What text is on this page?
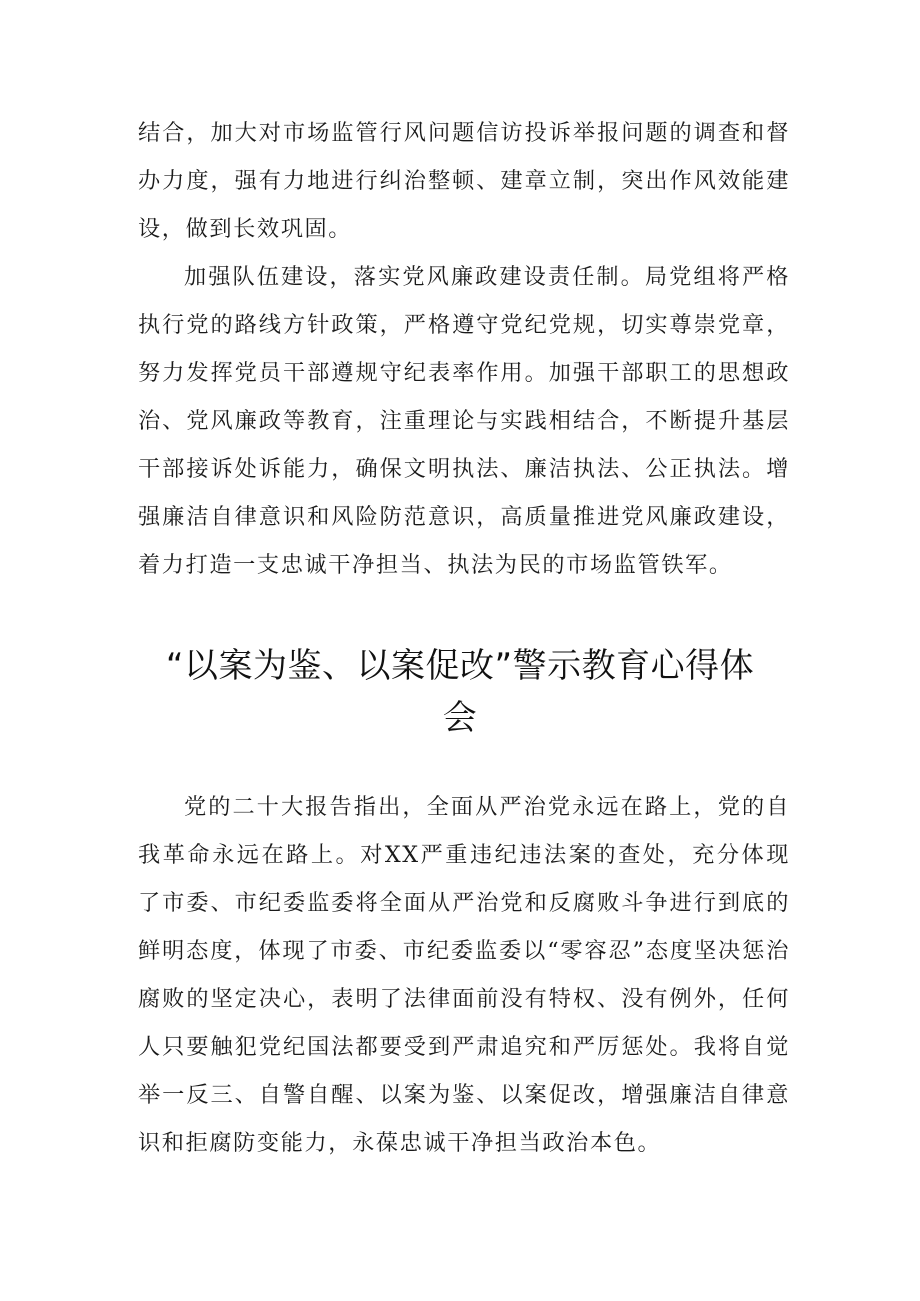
结合，加大对市场监管行风问题信访投诉举报问题的调查和督办力度，强有力地进行纠治整顿、建章立制，突出作风效能建设，做到长效巩固。

加强队伍建设，落实党风廉政建设责任制。局党组将严格执行党的路线方针政策，严格遵守党纪党规，切实尊崇党章，努力发挥党员干部遵规守纪表率作用。加强干部职工的思想政治、党风廉政等教育，注重理论与实践相结合，不断提升基层干部接诉处诉能力，确保文明执法、廉洁执法、公正执法。增强廉洁自律意识和风险防范意识，高质量推进党风廉政建设，着力打造一支忠诚干净担当、执法为民的市场监管铁军。

“以案为鉴、以案促改”警示教育心得体会

党的二十大报告指出，全面从严治党永远在路上，党的自我革命永远在路上。对XX严重违纪违法案的查处，充分体现了市委、市纪委监委将全面从严治党和反腐败斗争进行到底的鲜明态度，体现了市委、市纪委监委以“零容忍”态度坚决惩治腐败的坚定决心，表明了法律面前没有特权、没有例外，任何人只要触犯党纪国法都要受到严肃追究和严厉惩处。我将自觉举一反三、自警自醒、以案为鉴、以案促改，增强廉洁自律意识和拒腐防变能力，永葆忠诚干净担当政治本色。
